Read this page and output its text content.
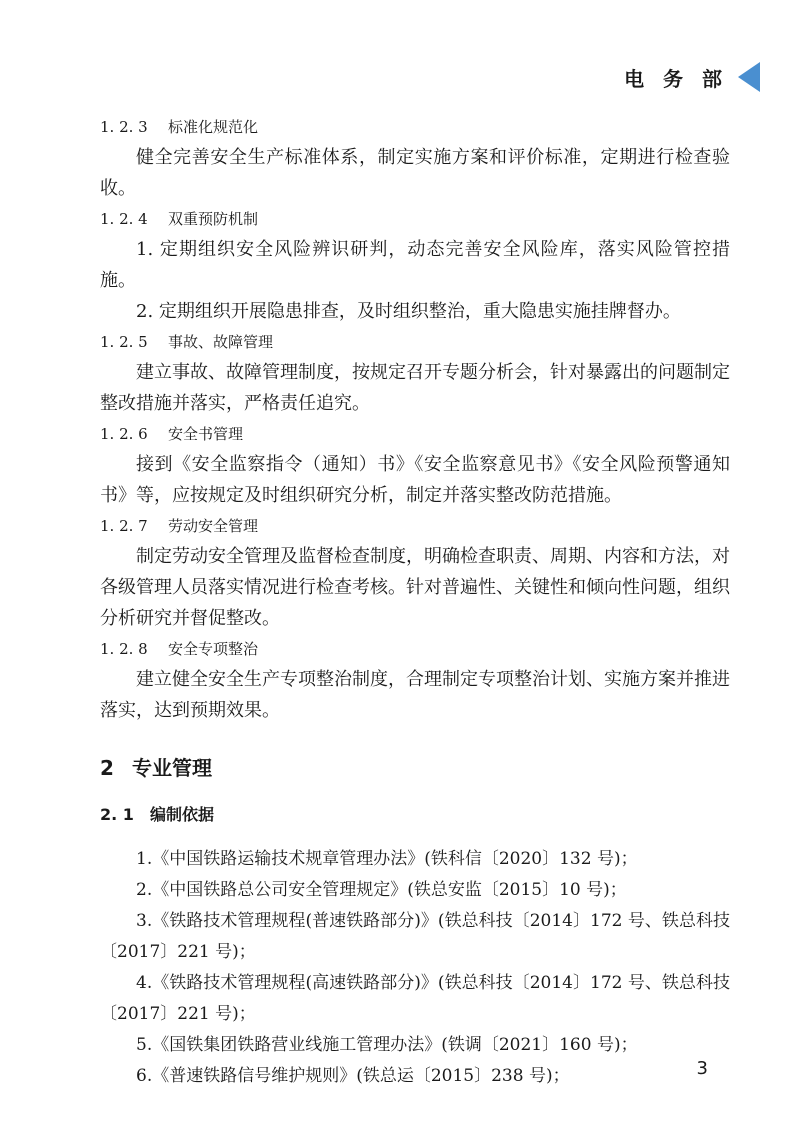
电 务 部
1. 2. 3 标准化规范化

健全完善安全生产标准体系，制定实施方案和评价标准，定期进行检查验收。

1. 2. 4 双重预防机制

1. 定期组织安全风险辨识研判，动态完善安全风险库，落实风险管控措施。

2. 定期组织开展隐患排查，及时组织整治，重大隐患实施挂牌督办。

1. 2. 5 事故、故障管理

建立事故、故障管理制度，按规定召开专题分析会，针对暴露出的问题制定整改措施并落实，严格责任追究。

1. 2. 6 安全书管理

接到《安全监察指令（通知）书》《安全监察意见书》《安全风险预警通知书》等，应按规定及时组织研究分析，制定并落实整改防范措施。

1. 2. 7 劳动安全管理

制定劳动安全管理及监督检查制度，明确检查职责、周期、内容和方法，对各级管理人员落实情况进行检查考核。针对普遍性、关键性和倾向性问题，组织分析研究并督促整改。

1. 2. 8 安全专项整治

建立健全安全生产专项整治制度，合理制定专项整治计划、实施方案并推进落实，达到预期效果。

2 专业管理
2. 1 编制依据

1.《中国铁路运输技术规章管理办法》(铁科信〔2020〕132 号)；

2.《中国铁路总公司安全管理规定》(铁总安监〔2015〕10 号)；

3.《铁路技术管理规程(普速铁路部分)》(铁总科技〔2014〕172 号、铁总科技〔2017〕221 号)；

4.《铁路技术管理规程(高速铁路部分)》(铁总科技〔2014〕172 号、铁总科技〔2017〕221 号)；

5.《国铁集团铁路营业线施工管理办法》(铁调〔2021〕160 号)；

6.《普速铁路信号维护规则》(铁总运〔2015〕238 号)；	3
